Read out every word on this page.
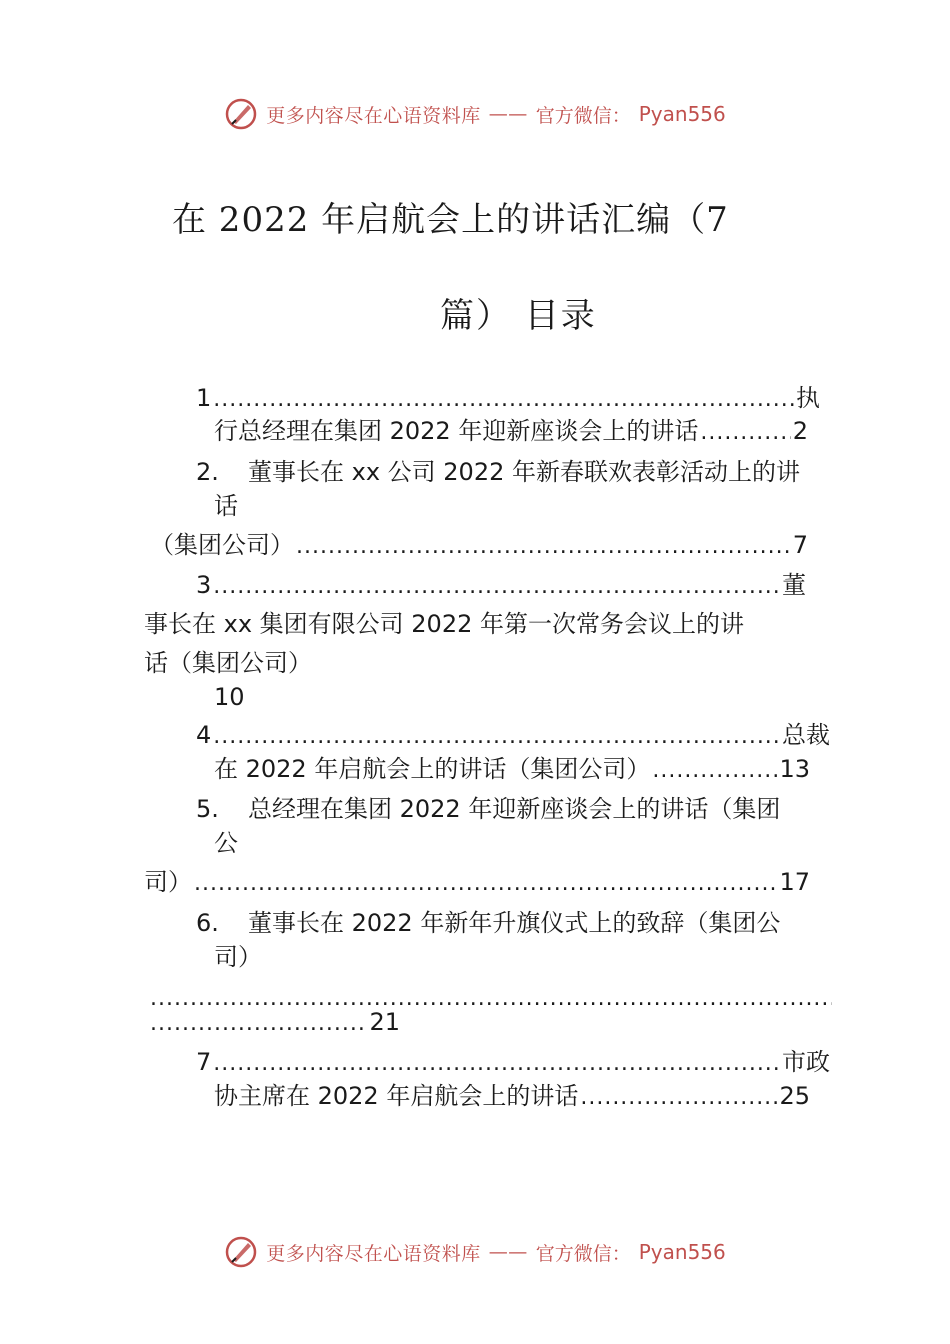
更多内容尽在心语资料库 —— 官方微信： Pyan556
在 2022 年启航会上的讲话汇编（7
篇） 目录
1 .....	执
行总经理在集团 2022 年迎新座谈会上的讲话 .....	2
2.	董事长在 xx 公司 2022 年新春联欢表彰活动上的讲
话
（集团公司） .....	7
3 .....	董
事长在 xx 集团有限公司 2022 年第一次常务会议上的讲
话（集团公司）
10
4 .....	总裁
在 2022 年启航会上的讲话（集团公司） .....	13
5.	总经理在集团 2022 年迎新座谈会上的讲话（集团
公
司） .....	17
6.	董事长在 2022 年新年升旗仪式上的致辞（集团公
司）
.....
.....
21
7 .....	市政
协主席在 2022 年启航会上的讲话 .....	25
更多内容尽在心语资料库 —— 官方微信： Pyan556
